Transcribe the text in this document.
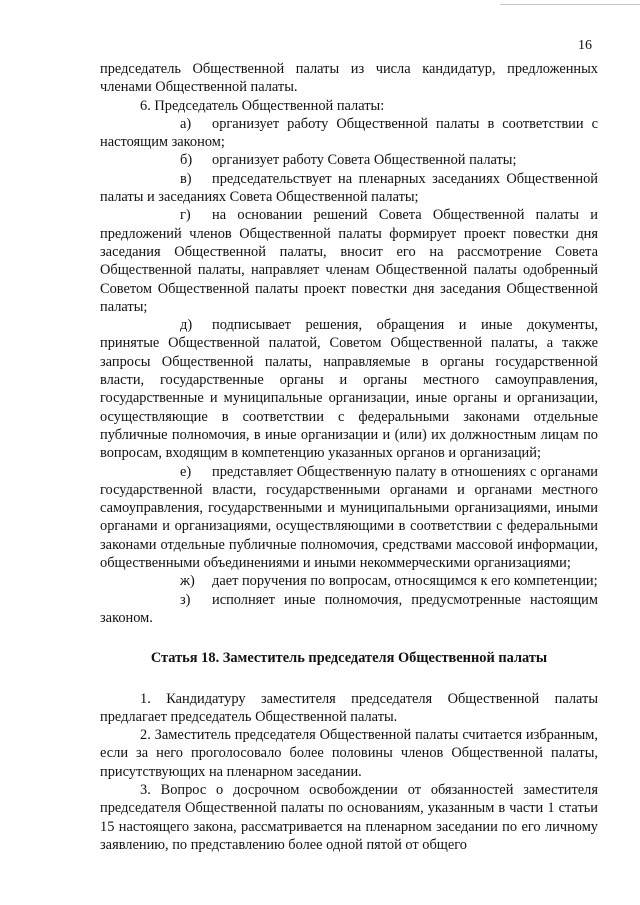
16

председатель Общественной палаты из числа кандидатур, предложенных членами Общественной палаты.

6. Председатель Общественной палаты:

а) организует работу Общественной палаты в соответствии с настоящим законом;

б) организует работу Совета Общественной палаты;

в) председательствует на пленарных заседаниях Общественной палаты и заседаниях Совета Общественной палаты;

г) на основании решений Совета Общественной палаты и предложений членов Общественной палаты формирует проект повестки дня заседания Общественной палаты, вносит его на рассмотрение Совета Общественной палаты, направляет членам Общественной палаты одобренный Советом Общественной палаты проект повестки дня заседания Общественной палаты;

д) подписывает решения, обращения и иные документы, принятые Общественной палатой, Советом Общественной палаты, а также запросы Общественной палаты, направляемые в органы государственной власти, государственные органы и органы местного самоуправления, государственные и муниципальные организации, иные органы и организации, осуществляющие в соответствии с федеральными законами отдельные публичные полномочия, в иные организации и (или) их должностным лицам по вопросам, входящим в компетенцию указанных органов и организаций;

е) представляет Общественную палату в отношениях с органами государственной власти, государственными органами и органами местного самоуправления, государственными и муниципальными организациями, иными органами и организациями, осуществляющими в соответствии с федеральными законами отдельные публичные полномочия, средствами массовой информации, общественными объединениями и иными некоммерческими организациями;

ж) дает поручения по вопросам, относящимся к его компетенции;

з) исполняет иные полномочия, предусмотренные настоящим законом.

Статья 18. Заместитель председателя Общественной палаты

1. Кандидатуру заместителя председателя Общественной палаты предлагает председатель Общественной палаты.

2. Заместитель председателя Общественной палаты считается избранным, если за него проголосовало более половины членов Общественной палаты, присутствующих на пленарном заседании.

3. Вопрос о досрочном освобождении от обязанностей заместителя председателя Общественной палаты по основаниям, указанным в части 1 статьи 15 настоящего закона, рассматривается на пленарном заседании по его личному заявлению, по представлению более одной пятой от общего
